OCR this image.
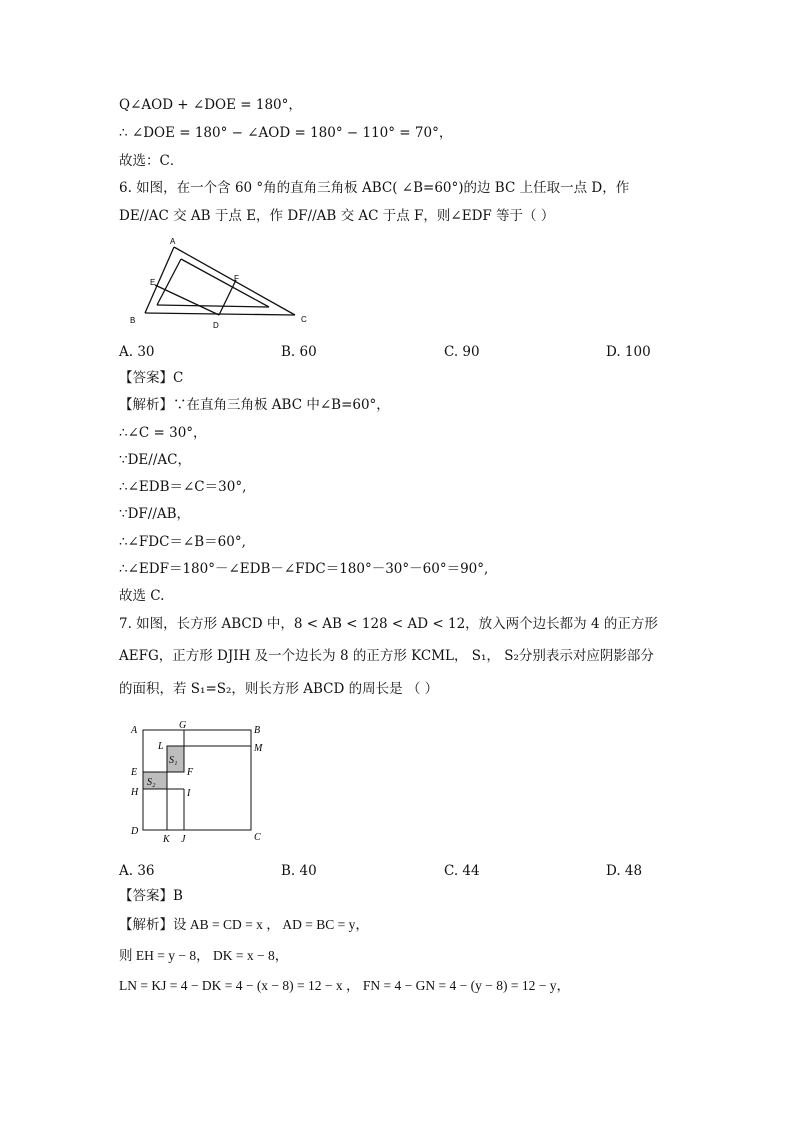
Q∠AOD + ∠DOE = 180°，
∴ ∠DOE = 180° − ∠AOD = 180° − 110° = 70°，
故选：C．
6. 如图，在一个含 60 °角的直角三角板 ABC( ∠B=60°)的边 BC 上任取一点 D，作
DE//AC 交 AB 于点 E，作 DF//AB 交 AC 于点 F，则∠EDF 等于（ ）
A
E	F
B
D
C
A. 30	B. 60	C. 90	D. 100
【答案】C
【解析】∵在直角三角板 ABC 中∠B=60°，
∴∠C = 30°，
∵DE//AC，
∴∠EDB＝∠C＝30°,
∵DF//AB，
∴∠FDC＝∠B＝60°,
∴∠EDF＝180°－∠EDB－∠FDC＝180°－30°－60°＝90°,
故选 C.
7. 如图，长方形 ABCD 中，8 < AB < 128 < AD < 12，放入两个边长都为 4 的正方形
AEFG，正方形 DJIH 及一个边长为 8 的正方形 KCML， S₁， S₂分别表示对应阴影部分
的面积，若 S₁=S₂，则长方形 ABCD 的周长是 （ ）
A	G	B
L	M
S₁
F
E
S₂
H	I
D
K J	C
A. 36	B. 40	C. 44	D. 48
【答案】B
【解析】设 AB = CD = x ， AD = BC = y，
则 EH = y − 8， DK = x − 8，
LN = KJ = 4 − DK = 4 − (x − 8) = 12 − x ， FN = 4 − GN = 4 − (y − 8) = 12 − y，
